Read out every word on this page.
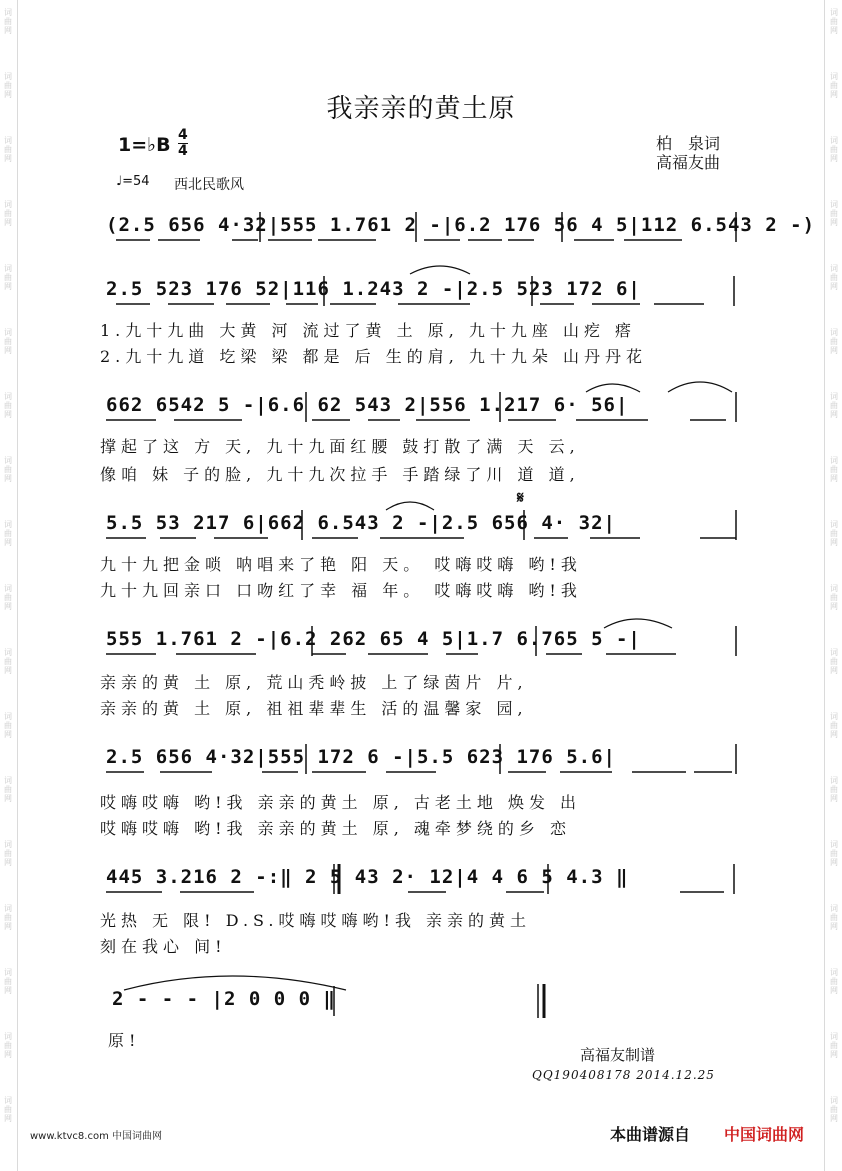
词曲网
词曲网
词曲网
词曲网
词曲网
词曲网
词曲网
词曲网
词曲网
词曲网
词曲网
词曲网
词曲网
词曲网
词曲网
词曲网
词曲网
词曲网
词曲网
词曲网
词曲网
词曲网
词曲网
词曲网
词曲网
词曲网
词曲网
词曲网
词曲网
词曲网
词曲网
词曲网
词曲网
词曲网
词曲网
词曲网
我亲亲的黄土原
1=♭B 4
4
♩=54 西北民歌风
柏　泉词
高福友曲
(2.5 656 4·32|555 1.761 2 -|6.2 176 56 4 5|112 6.543 2 -)
2.5 523 176 52|116 1.243 2 -|2.5 523 172 6|
1.九十九曲 大黄 河 流过了黄 土 原, 九十九座 山疙 瘩
2.九十九道 圪梁 梁 都是 后 生的肩, 九十九朵 山丹丹花
662 6542 5 -|6.6 62 543 2|556 1.217 6· 56|
撑起了这 方 天, 九十九面红腰 鼓打散了满 天 云,
像咱 妹 子的脸, 九十九次拉手 手踏绿了川 道 道,
𝄋
5.5 53 217 6|662 6.543 2 -|2.5 656 4· 32|
九十九把金唢 呐唱来了艳 阳 天。 哎嗨哎嗨 哟!我
九十九回亲口 口吻红了幸 福 年。 哎嗨哎嗨 哟!我
555 1.761 2 -|6.2 262 65 4 5|1.7 6.765 5 -|
亲亲的黄 土 原, 荒山秃岭披 上了绿茵片 片,
亲亲的黄 土 原, 祖祖辈辈生 活的温馨家 园,
2.5 656 4·32|555 172 6 -|5.5 623 176 5.6|
哎嗨哎嗨 哟!我 亲亲的黄土 原, 古老土地 焕发 出
哎嗨哎嗨 哟!我 亲亲的黄土 原, 魂牵梦绕的乡 恋
445 3.216 2 -:‖ 2 5 43 2· 12|4 4 6 5 4.3 ‖
光热 无 限! D.S.哎嗨哎嗨哟!我 亲亲的黄土
刻在我心 间!
2 - - - |2 0 0 0 ‖
原!
高福友制谱
QQ190408178 2014.12.25
www.ktvc8.com 中国词曲网	本曲谱源自 中国词曲网
